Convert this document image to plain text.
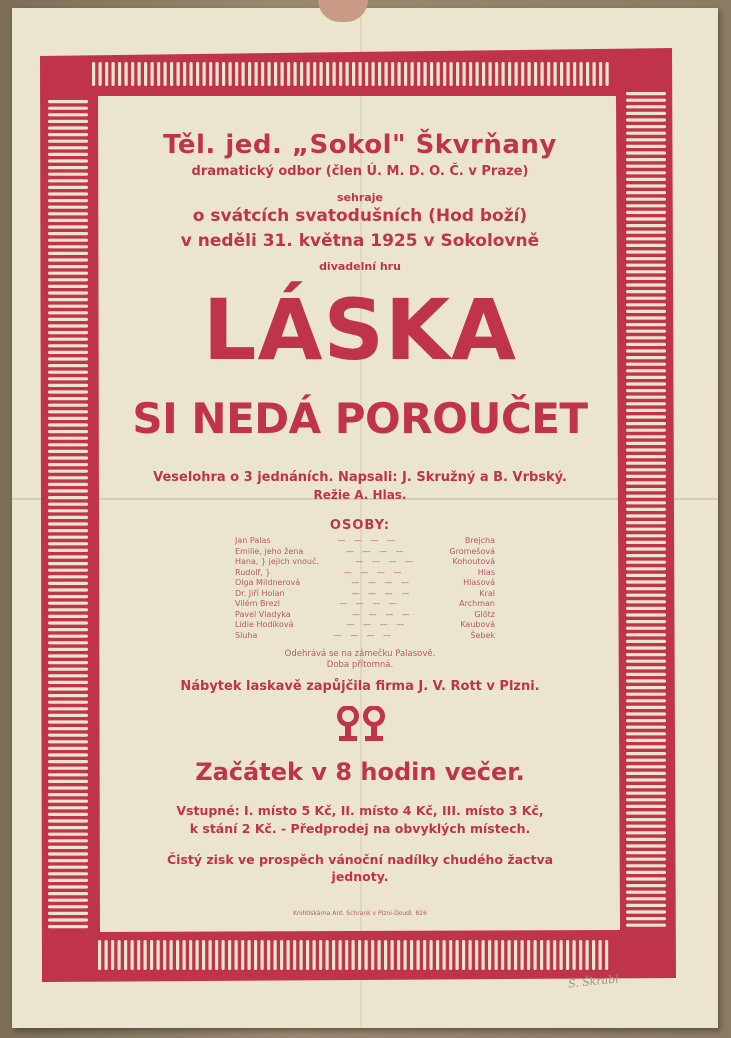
Těl. jed. „Sokol" Škvrňany
dramatický odbor (člen Ú. M. D. O. Č. v Praze)
sehraje
o svátcích svatodušních (Hod boží)
v neděli 31. května 1925 v Sokolovně
divadelní hru
LÁSKA
SI NEDÁ POROUČET
Veselohra o 3 jednáních. Napsali: J. Skružný a B. Vrbský.
Režie A. Hlas.
OSOBY:
Jan Palas	— — — —	Brejcha
Emilie, jeho žena	— — — —	Gromešová
Hana, } jejich vnouč.	— — — —	Kohoutová
Rudolf, }	— — — —	Hlas
Olga Mildnerová	— — — —	Hlasová
Dr. Jiří Holan	— — — —	Kral
Vilém Brezl	— — — —	Archman
Pavel Vladyka	— — — —	Glötz
Lidie Hodíková	— — — —	Kaubová
Sluha	— — — —	Šebek
Odehrává se na zámečku Palasově.
Doba přítomná.
Nábytek laskavě zapůjčila firma J. V. Rott v Plzni.
Začátek v 8 hodin večer.
Vstupné: I. místo 5 Kč, II. místo 4 Kč, III. místo 3 Kč,
k stání 2 Kč. - Předprodej na obvyklých místech.
Čistý zisk ve prospěch vánoční nadílky chudého žactva
jednoty.
Knihtiskárna Ant. Schrank v Plzni-Doudl. 826
S. Škrabl
